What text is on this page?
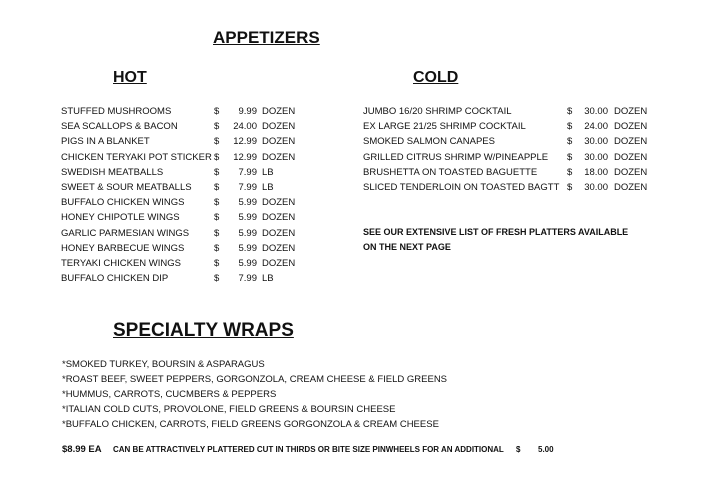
APPETIZERS
HOT	COLD
STUFFED MUSHROOMS	$ 9.99 DOZEN
SEA SCALLOPS & BACON	$ 24.00 DOZEN
PIGS IN A BLANKET	$ 12.99 DOZEN
CHICKEN TERYAKI POT STICKER $ 12.99 DOZEN
SWEDISH MEATBALLS	$ 7.99 LB
SWEET & SOUR MEATBALLS $ 7.99 LB
BUFFALO CHICKEN WINGS	$ 5.99 DOZEN
HONEY CHIPOTLE WINGS	$ 5.99 DOZEN
GARLIC PARMESIAN WINGS	$ 5.99 DOZEN
HONEY BARBECUE WINGS	$ 5.99 DOZEN
TERYAKI CHICKEN WINGS	$ 5.99 DOZEN
BUFFALO CHICKEN DIP	$ 7.99 LB
JUMBO 16/20 SHRIMP COCKTAIL	$ 30.00 DOZEN
EX LARGE 21/25 SHRIMP COCKTAIL	$ 24.00 DOZEN
SMOKED SALMON CANAPES	$ 30.00 DOZEN
GRILLED CITRUS SHRIMP W/PINEAPPLE $ 30.00 DOZEN
BRUSHETTA ON TOASTED BAGUETTE	$ 18.00 DOZEN
SLICED TENDERLOIN ON TOASTED BAGTT $ 30.00 DOZEN
SEE OUR EXTENSIVE LIST OF FRESH PLATTERS AVAILABLE
ON THE NEXT PAGE
SPECIALTY WRAPS
*SMOKED TURKEY, BOURSIN & ASPARAGUS
*ROAST BEEF, SWEET PEPPERS, GORGONZOLA, CREAM CHEESE & FIELD GREENS
*HUMMUS, CARROTS, CUCMBERS & PEPPERS
*ITALIAN COLD CUTS, PROVOLONE, FIELD GREENS & BOURSIN CHEESE
*BUFFALO CHICKEN, CARROTS, FIELD GREENS GORGONZOLA & CREAM CHEESE
$8.99 EA CAN BE ATTRACTIVELY PLATTERED CUT IN THIRDS OR BITE SIZE PINWHEELS FOR AN ADDITIONAL $ 5.00
